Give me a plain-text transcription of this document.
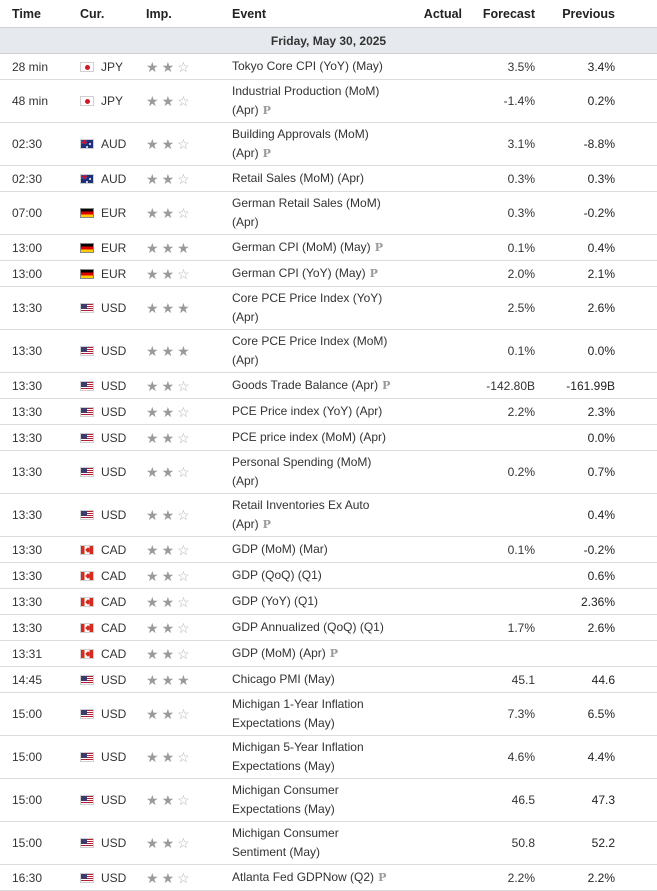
Time	Cur.	Imp.	Event	Actual	Forecast	Previous
Friday, May 30, 2025						
28 min	JPY	★ ★ ☆	Tokyo Core CPI (YoY) (May)		3.5%	3.4%
48 min	JPY	★ ★ ☆	Industrial Production (MoM) (Apr) P		-1.4%	0.2%
02:30	AUD	★ ★ ☆	Building Approvals (MoM) (Apr) P		3.1%	-8.8%
02:30	AUD	★ ★ ☆	Retail Sales (MoM) (Apr)		0.3%	0.3%
07:00	EUR	★ ★ ☆	German Retail Sales (MoM) (Apr)		0.3%	-0.2%
13:00	EUR	★ ★ ★	German CPI (MoM) (May) P		0.1%	0.4%
13:00	EUR	★ ★ ☆	German CPI (YoY) (May) P		2.0%	2.1%
13:30	USD	★ ★ ★	Core PCE Price Index (YoY) (Apr)		2.5%	2.6%
13:30	USD	★ ★ ★	Core PCE Price Index (MoM) (Apr)		0.1%	0.0%
13:30	USD	★ ★ ☆	Goods Trade Balance (Apr) P		-142.80B	-161.99B
13:30	USD	★ ★ ☆	PCE Price index (YoY) (Apr)		2.2%	2.3%
13:30	USD	★ ★ ☆	PCE price index (MoM) (Apr)			0.0%
13:30	USD	★ ★ ☆	Personal Spending (MoM) (Apr)		0.2%	0.7%
13:30	USD	★ ★ ☆	Retail Inventories Ex Auto (Apr) P			0.4%
13:30	CAD	★ ★ ☆	GDP (MoM) (Mar)		0.1%	-0.2%
13:30	CAD	★ ★ ☆	GDP (QoQ) (Q1)			0.6%
13:30	CAD	★ ★ ☆	GDP (YoY) (Q1)			2.36%
13:30	CAD	★ ★ ☆	GDP Annualized (QoQ) (Q1)		1.7%	2.6%
13:31	CAD	★ ★ ☆	GDP (MoM) (Apr) P			
14:45	USD	★ ★ ★	Chicago PMI (May)		45.1	44.6
15:00	USD	★ ★ ☆	Michigan 1-Year Inflation Expectations (May)		7.3%	6.5%
15:00	USD	★ ★ ☆	Michigan 5-Year Inflation Expectations (May)		4.6%	4.4%
15:00	USD	★ ★ ☆	Michigan Consumer Expectations (May)		46.5	47.3
15:00	USD	★ ★ ☆	Michigan Consumer Sentiment (May)		50.8	52.2
16:30	USD	★ ★ ☆	Atlanta Fed GDPNow (Q2) P		2.2%	2.2%
